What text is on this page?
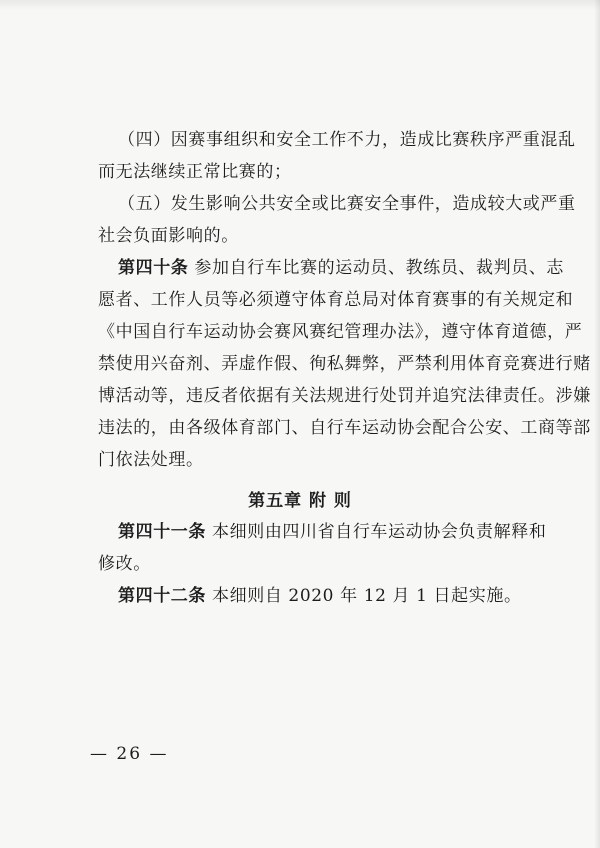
（四）因赛事组织和安全工作不力，造成比赛秩序严重混乱
而无法继续正常比赛的；
（五）发生影响公共安全或比赛安全事件，造成较大或严重
社会负面影响的。
第四十条 参加自行车比赛的运动员、教练员、裁判员、志
愿者、工作人员等必须遵守体育总局对体育赛事的有关规定和
《中国自行车运动协会赛风赛纪管理办法》，遵守体育道德，严
禁使用兴奋剂、弄虚作假、徇私舞弊，严禁利用体育竞赛进行赌
博活动等，违反者依据有关法规进行处罚并追究法律责任。涉嫌
违法的，由各级体育部门、自行车运动协会配合公安、工商等部
门依法处理。
第五章 附 则
第四十一条 本细则由四川省自行车运动协会负责解释和
修改。
第四十二条 本细则自 2020 年 12 月 1 日起实施。
— 26 —
